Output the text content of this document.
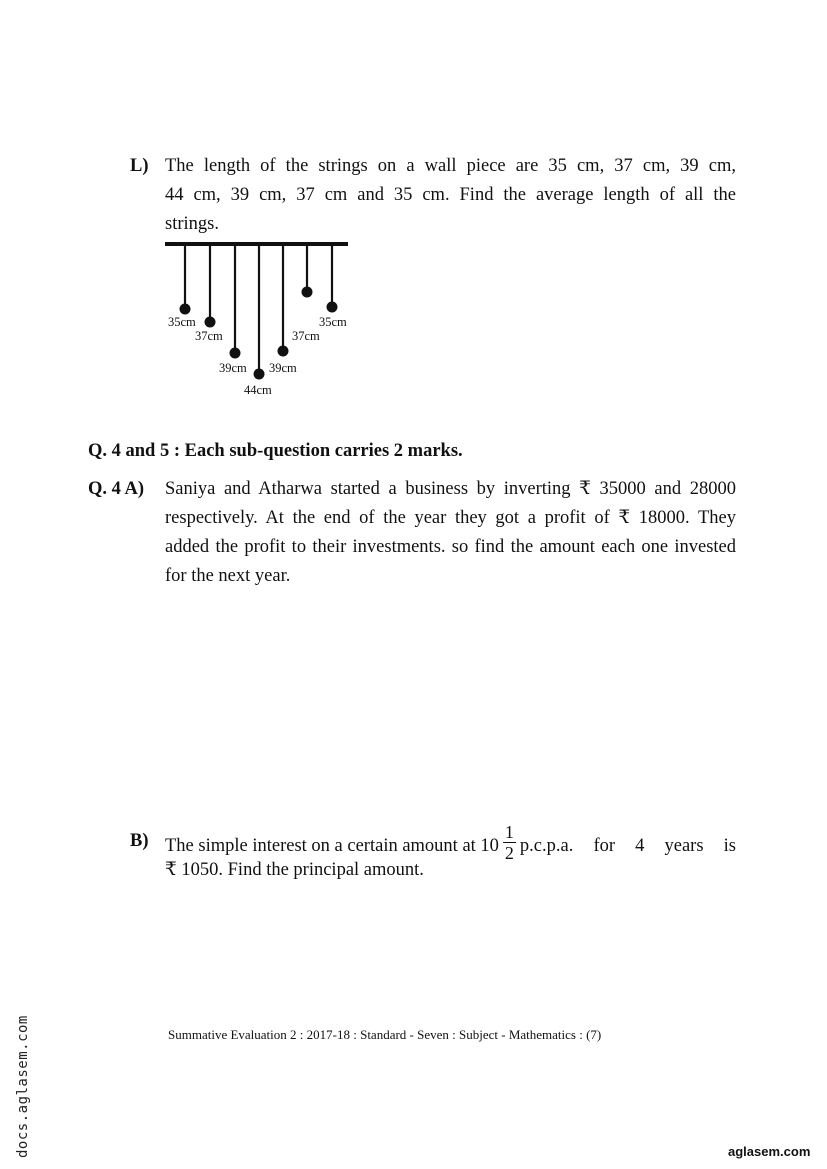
L) The length of the strings on a wall piece are 35 cm, 37 cm, 39 cm,
44 cm, 39 cm, 37 cm and 35 cm. Find the average length of all the
strings.
35cm
37cm
39cm
44cm
39cm
37cm
35cm
Q. 4 and 5 : Each sub-question carries 2 marks.
Q. 4 A) Saniya and Atharwa started a business by inverting ₹ 35000 and 28000
respectively. At the end of the year they got a profit of ₹ 18000. They
added the profit to their investments. so find the amount each one invested
for the next year.
B) The simple interest on a certain amount at $10 \frac{1}{2} p.c.p.a$. for 4 years is
₹ 1050. Find the principal amount.
Summative Evaluation 2 : 2017-18 : Standard - Seven : Subject - Mathematics : (7)
docs.aglasem.com	aglasem.com
